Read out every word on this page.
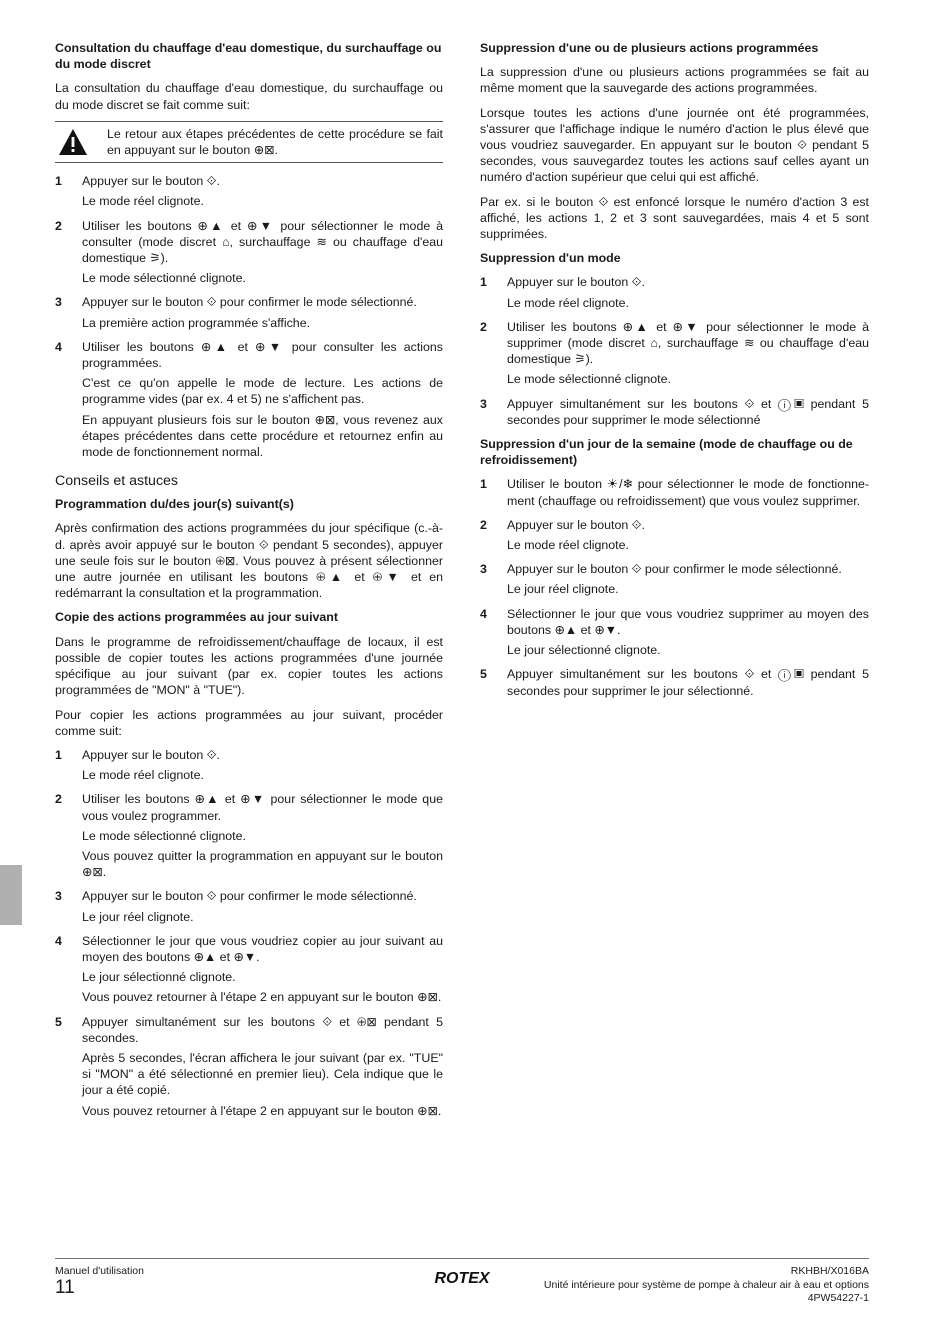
Consultation du chauffage d'eau domestique, du surchauffage ou du mode discret
La consultation du chauffage d'eau domestique, du surchauffage ou du mode discret se fait comme suit:
Le retour aux étapes précédentes de cette procédure se fait en appuyant sur le bouton ⊕⊠.
1 Appuyer sur le bouton ⟐.
Le mode réel clignote.
2 Utiliser les boutons ⊕▲ et ⊕▼ pour sélectionner le mode à consulter (mode discret ⌂, surchauffage ≋ ou chauffage d'eau domestique ⚞).
Le mode sélectionné clignote.
3 Appuyer sur le bouton ⟐ pour confirmer le mode sélectionné.
La première action programmée s'affiche.
4 Utiliser les boutons ⊕▲ et ⊕▼ pour consulter les actions programmées.
C'est ce qu'on appelle le mode de lecture. Les actions de programme vides (par ex. 4 et 5) ne s'affichent pas.
En appuyant plusieurs fois sur le bouton ⊕⊠, vous revenez aux étapes précédentes dans cette procédure et retournez enfin au mode de fonctionnement normal.
Conseils et astuces
Programmation du/des jour(s) suivant(s)
Après confirmation des actions programmées du jour spécifique (c.-à-d. après avoir appuyé sur le bouton ⟐ pendant 5 secondes), appuyer une seule fois sur le bouton ⊕⊠. Vous pouvez à présent sélectionner une autre journée en utilisant les boutons ⊕▲ et ⊕▼ et en redémarrant la consultation et la programmation.
Copie des actions programmées au jour suivant
Dans le programme de refroidissement/chauffage de locaux, il est possible de copier toutes les actions programmées d'une journée spécifique au jour suivant (par ex. copier toutes les actions programmées de "MON" à "TUE").
Pour copier les actions programmées au jour suivant, procéder comme suit:
1 Appuyer sur le bouton ⟐.
Le mode réel clignote.
2 Utiliser les boutons ⊕▲ et ⊕▼ pour sélectionner le mode que vous voulez programmer.
Le mode sélectionné clignote.
Vous pouvez quitter la programmation en appuyant sur le bouton ⊕⊠.
3 Appuyer sur le bouton ⟐ pour confirmer le mode sélectionné.
Le jour réel clignote.
4 Sélectionner le jour que vous voudriez copier au jour suivant au moyen des boutons ⊕▲ et ⊕▼.
Le jour sélectionné clignote.
Vous pouvez retourner à l'étape 2 en appuyant sur le bouton ⊕⊠.
5 Appuyer simultanément sur les boutons ⟐ et ⊕⊠ pendant 5 secondes.
Après 5 secondes, l'écran affichera le jour suivant (par ex. "TUE" si "MON" a été sélectionné en premier lieu). Cela indique que le jour a été copié.
Vous pouvez retourner à l'étape 2 en appuyant sur le bouton ⊕⊠.
Suppression d'une ou de plusieurs actions programmées
La suppression d'une ou plusieurs actions programmées se fait au même moment que la sauvegarde des actions programmées.
Lorsque toutes les actions d'une journée ont été programmées, s'assurer que l'affichage indique le numéro d'action le plus élevé que vous voudriez sauvegarder. En appuyant sur le bouton ⟐ pendant 5 secondes, vous sauvegardez toutes les actions sauf celles ayant un numéro d'action supérieur que celui qui est affiché.
Par ex. si le bouton ⟐ est enfoncé lorsque le numéro d'action 3 est affiché, les actions 1, 2 et 3 sont sauvegardées, mais 4 et 5 sont supprimées.
Suppression d'un mode
1 Appuyer sur le bouton ⟐.
Le mode réel clignote.
2 Utiliser les boutons ⊕▲ et ⊕▼ pour sélectionner le mode à supprimer (mode discret ⌂, surchauffage ≋ ou chauffage d'eau domestique ⚞).
Le mode sélectionné clignote.
3 Appuyer simultanément sur les boutons ⟐ et ⓘ▣ pendant 5 secondes pour supprimer le mode sélectionné
Suppression d'un jour de la semaine (mode de chauffage ou de refroidissement)
1 Utiliser le bouton ☀/❄ pour sélectionner le mode de fonctionne-ment (chauffage ou refroidissement) que vous voulez supprimer.
2 Appuyer sur le bouton ⟐.
Le mode réel clignote.
3 Appuyer sur le bouton ⟐ pour confirmer le mode sélectionné.
Le jour réel clignote.
4 Sélectionner le jour que vous voudriez supprimer au moyen des boutons ⊕▲ et ⊕▼.
Le jour sélectionné clignote.
5 Appuyer simultanément sur les boutons ⟐ et ⓘ▣ pendant 5 secondes pour supprimer le jour sélectionné.
Manuel d'utilisation
11	ROTEX	RKHBH/X016BA
Unité intérieure pour système de pompe à chaleur air à eau et options
4PW54227-1
